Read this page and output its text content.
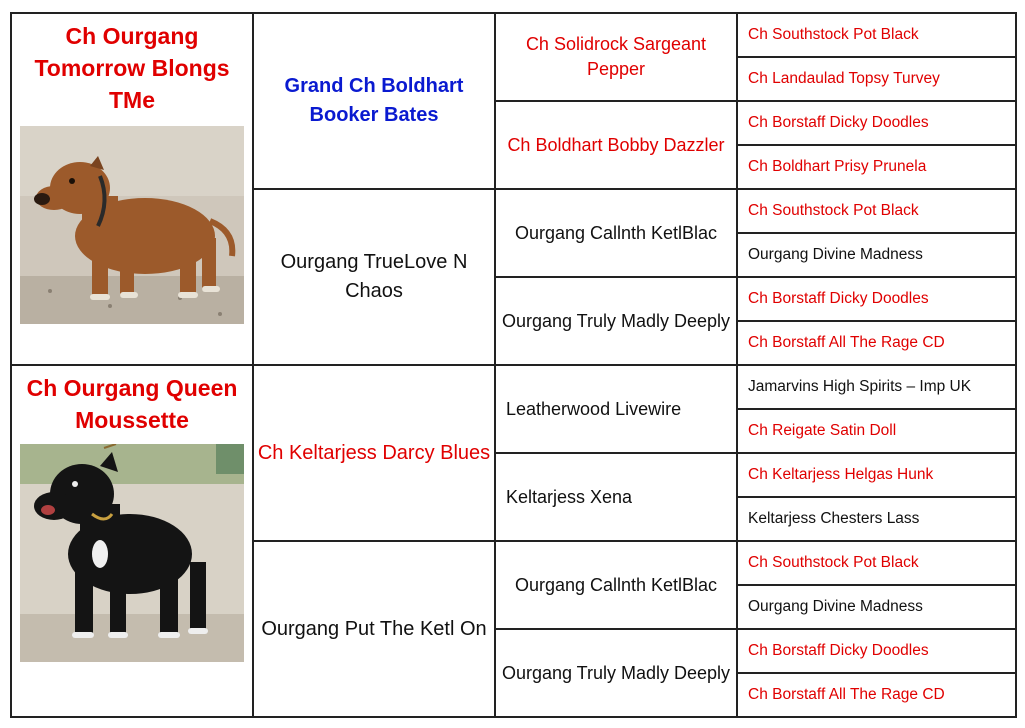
Ch Ourgang Tomorrow Blongs TMe	Grand Ch Boldhart Booker Bates	Ch Solidrock Sargeant Pepper	Ch Southstock Pot Black
			Ch Landaulad Topsy Turvey
		Ch Boldhart Bobby Dazzler	Ch Borstaff Dicky Doodles
			Ch Boldhart Prisy Prunela
	Ourgang TrueLove N Chaos	Ourgang Callnth KetlBlac	Ch Southstock Pot Black
			Ourgang Divine Madness
		Ourgang Truly Madly Deeply	Ch Borstaff Dicky Doodles
			Ch Borstaff All The Rage CD

Ch Ourgang Queen Moussette	Ch Keltarjess Darcy Blues	Leatherwood Livewire	Jamarvins High Spirits – Imp UK
			Ch Reigate Satin Doll
		Keltarjess Xena	Ch Keltarjess Helgas Hunk
			Keltarjess Chesters Lass
	Ourgang Put The Ketl On	Ourgang Callnth KetlBlac	Ch Southstock Pot Black
			Ourgang Divine Madness
		Ourgang Truly Madly Deeply	Ch Borstaff Dicky Doodles
			Ch Borstaff All The Rage CD
